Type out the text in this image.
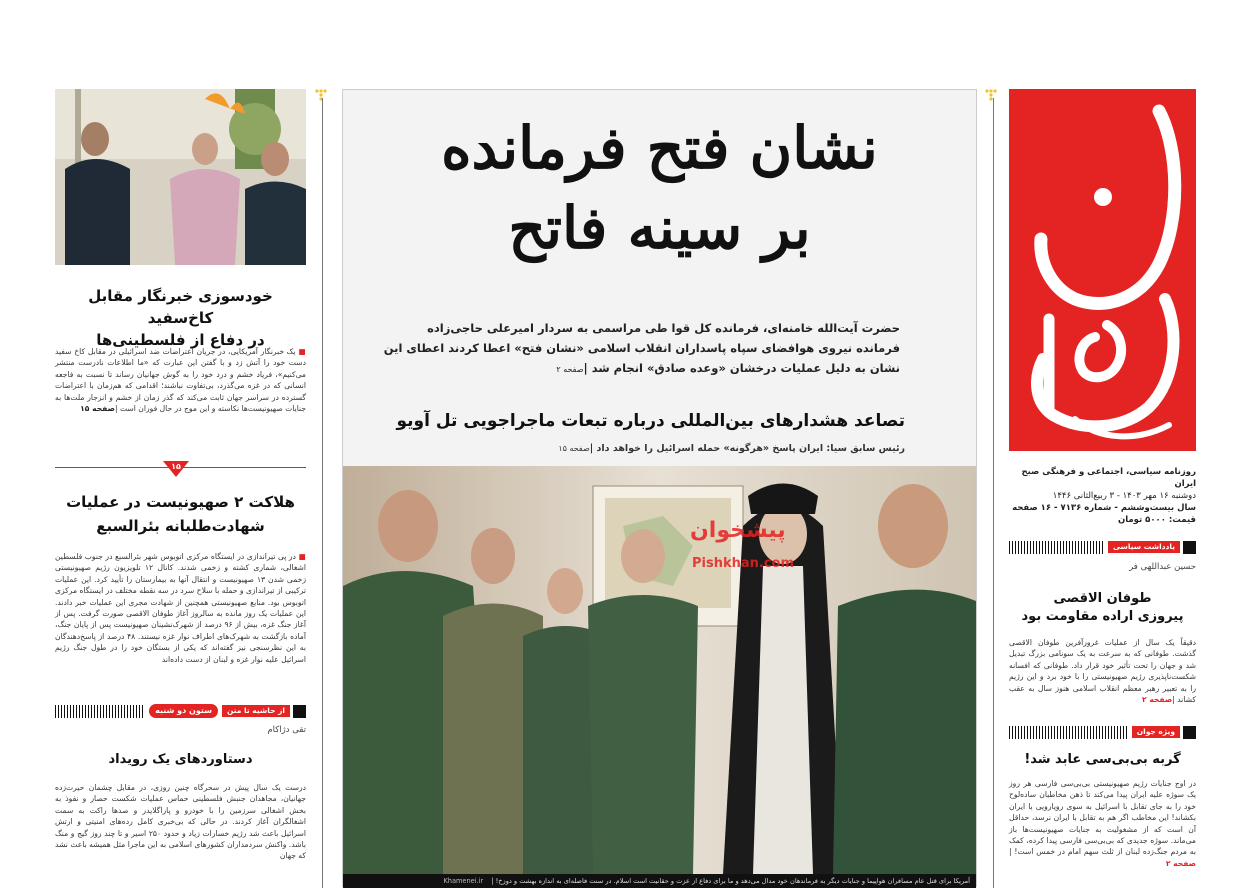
روزنامه سیاسی، اجتماعی و فرهنگی صبح ایران
دوشنبه ۱۶ مهر ۱۴۰۳ - ۳ ربیع‌الثانی ۱۴۴۶
سال بیست‌وششم - شماره ۷۱۳۶ - ۱۶ صفحه
قیمت: ۵۰۰۰ تومان
یادداشت سیاسی
حسین عبداللهی فر
طوفان الاقصی
پیروزی اراده مقاومت بود
دقیقاً یک سال از عملیات غرورآفرین طوفان الاقصی گذشت. طوفانی که به سرعت به یک سونامی بزرگ تبدیل شد و جهان را تحت تأثیر خود قرار داد. طوفانی که افسانه شکست‌ناپذیری رژیم صهیونیستی را با خود برد و این رژیم را به تعبیر رهبر معظم انقلاب اسلامی هنوز سال به عقب کشاند |صفحه ۲
ویژه جوان
گربه بی‌بی‌سی عابد شد!
در اوج جنایات رژیم صهیونیستی بی‌بی‌سی فارسی هر روز یک سوژه علیه ایران پیدا می‌کند تا ذهن مخاطبان ساده‌لوح خود را به جای تقابل با اسرائیل به سوی رویارویی با ایران بکشاند! این مخاطب اگر هم به تقابل با ایران نرسد، حداقل آن است که از مشغولیت به جنایات صهیونیست‌ها باز می‌ماند. سوژه جدیدی که بی‌بی‌سی فارسی پیدا کرده، کمک به مردم جنگ‌زده لبنان از ثلث سهم امام در خمس است! |صفحه ۲
نشان فتح فرمانده
بر سینه فاتح
حضرت آیت‌الله خامنه‌ای، فرمانده کل قوا طی مراسمی به سردار امیرعلی حاجی‌زاده فرمانده نیروی هوافضای سپاه پاسداران انقلاب اسلامی «نشان فتح» اعطا کردند اعطای این نشان به دلیل عملیات درخشان «وعده صادق» انجام شد |صفحه ۲
تصاعد هشدارهای بین‌المللی درباره تبعات ماجراجویی تل آویو
رئیس سابق سیا: ایران پاسخ «هرگونه» حمله اسرائیل را خواهد داد |صفحه ۱۵
پیشخوان
Pishkhan.com
آمریکا برای قتل عام مسافران هواپیما و جنایات دیگر به فرماندهان خود مدال می‌دهد و ما برای دفاع از عزت و حقانیت است اسلام. در سنت فاصله‌ای به اندازه بهشت و دوزخ! | Khamenei.ir
خودسوزی خبرنگار مقابل کاخ‌سفید
در دفاع از فلسطینی‌ها
■ یک خبرنگار آمریکایی، در جریان اعتراضات ضد اسرائیلی در مقابل کاخ سفید دست خود را آتش زد و با گفتن این عبارت که «ما اطلاعات نادرست منتشر می‌کنیم»، فریاد خشم و درد خود را به گوش جهانیان رساند تا نسبت به فاجعه انسانی که در غزه می‌گذرد، بی‌تفاوت نباشند؛ اقدامی که هم‌زمان با اعتراضات گسترده در سراسر جهان ثابت می‌کند که گذر زمان از خشم و انزجار ملت‌ها به جنایات صهیونیست‌ها نکاسته و این موج در حال فوران است |صفحه ۱۵
۱۵
هلاکت ۲ صهیونیست در عملیات
شهادت‌طلبانه بئرالسبع
■ در پی تیراندازی در ایستگاه مرکزی اتوبوس شهر بئرالسبع در جنوب فلسطین اشغالی، شماری کشته و زخمی شدند. کانال ۱۲ تلویزیون رژیم صهیونیستی زخمی شدن ۱۳ صهیونیست و انتقال آنها به بیمارستان را تأیید کرد. این عملیات ترکیبی از تیراندازی و حمله با سلاح سرد در سه نقطه مختلف در ایستگاه مرکزی اتوبوس بود. منابع صهیونیستی همچنین از شهادت مجری این عملیات خبر دادند. این عملیات یک روز مانده به سالروز آغاز طوفان الاقصی صورت گرفت. پس از آغاز جنگ غزه، بیش از ۹۶ درصد از شهرک‌نشینان صهیونیست پس از پایان جنگ، آماده بازگشت به شهرک‌های اطراف نوار غزه نیستند. ۴۸ درصد از پاسخ‌دهندگان به این نظرسنجی نیز گفته‌اند که یکی از بستگان خود را در طول جنگ رژیم اسرائیل علیه نوار غزه و لبنان از دست داده‌اند
از حاشیه تا متن
ستون دو شنبه
تقی دژاکام
دستاوردهای یک رویداد
درست یک سال پیش در سحرگاه چنین روزی، در مقابل چشمان حیرت‌زده جهانیان، مجاهدان جنبش فلسطینی حماس عملیات شکست حصار و نفوذ به بخش اشغالی سرزمین را با خودرو و پاراگلایدر و صدها راکت به سمت اشغالگران آغاز کردند. در حالی که بی‌خبری کامل رده‌های امنیتی و ارتش اسرائیل باعث شد رژیم خسارات زیاد و حدود ۲۵۰ اسیر و تا چند روز گیج و منگ باشد. واکنش سردمداران کشورهای اسلامی به این ماجرا مثل همیشه باعث نشد که جهان
